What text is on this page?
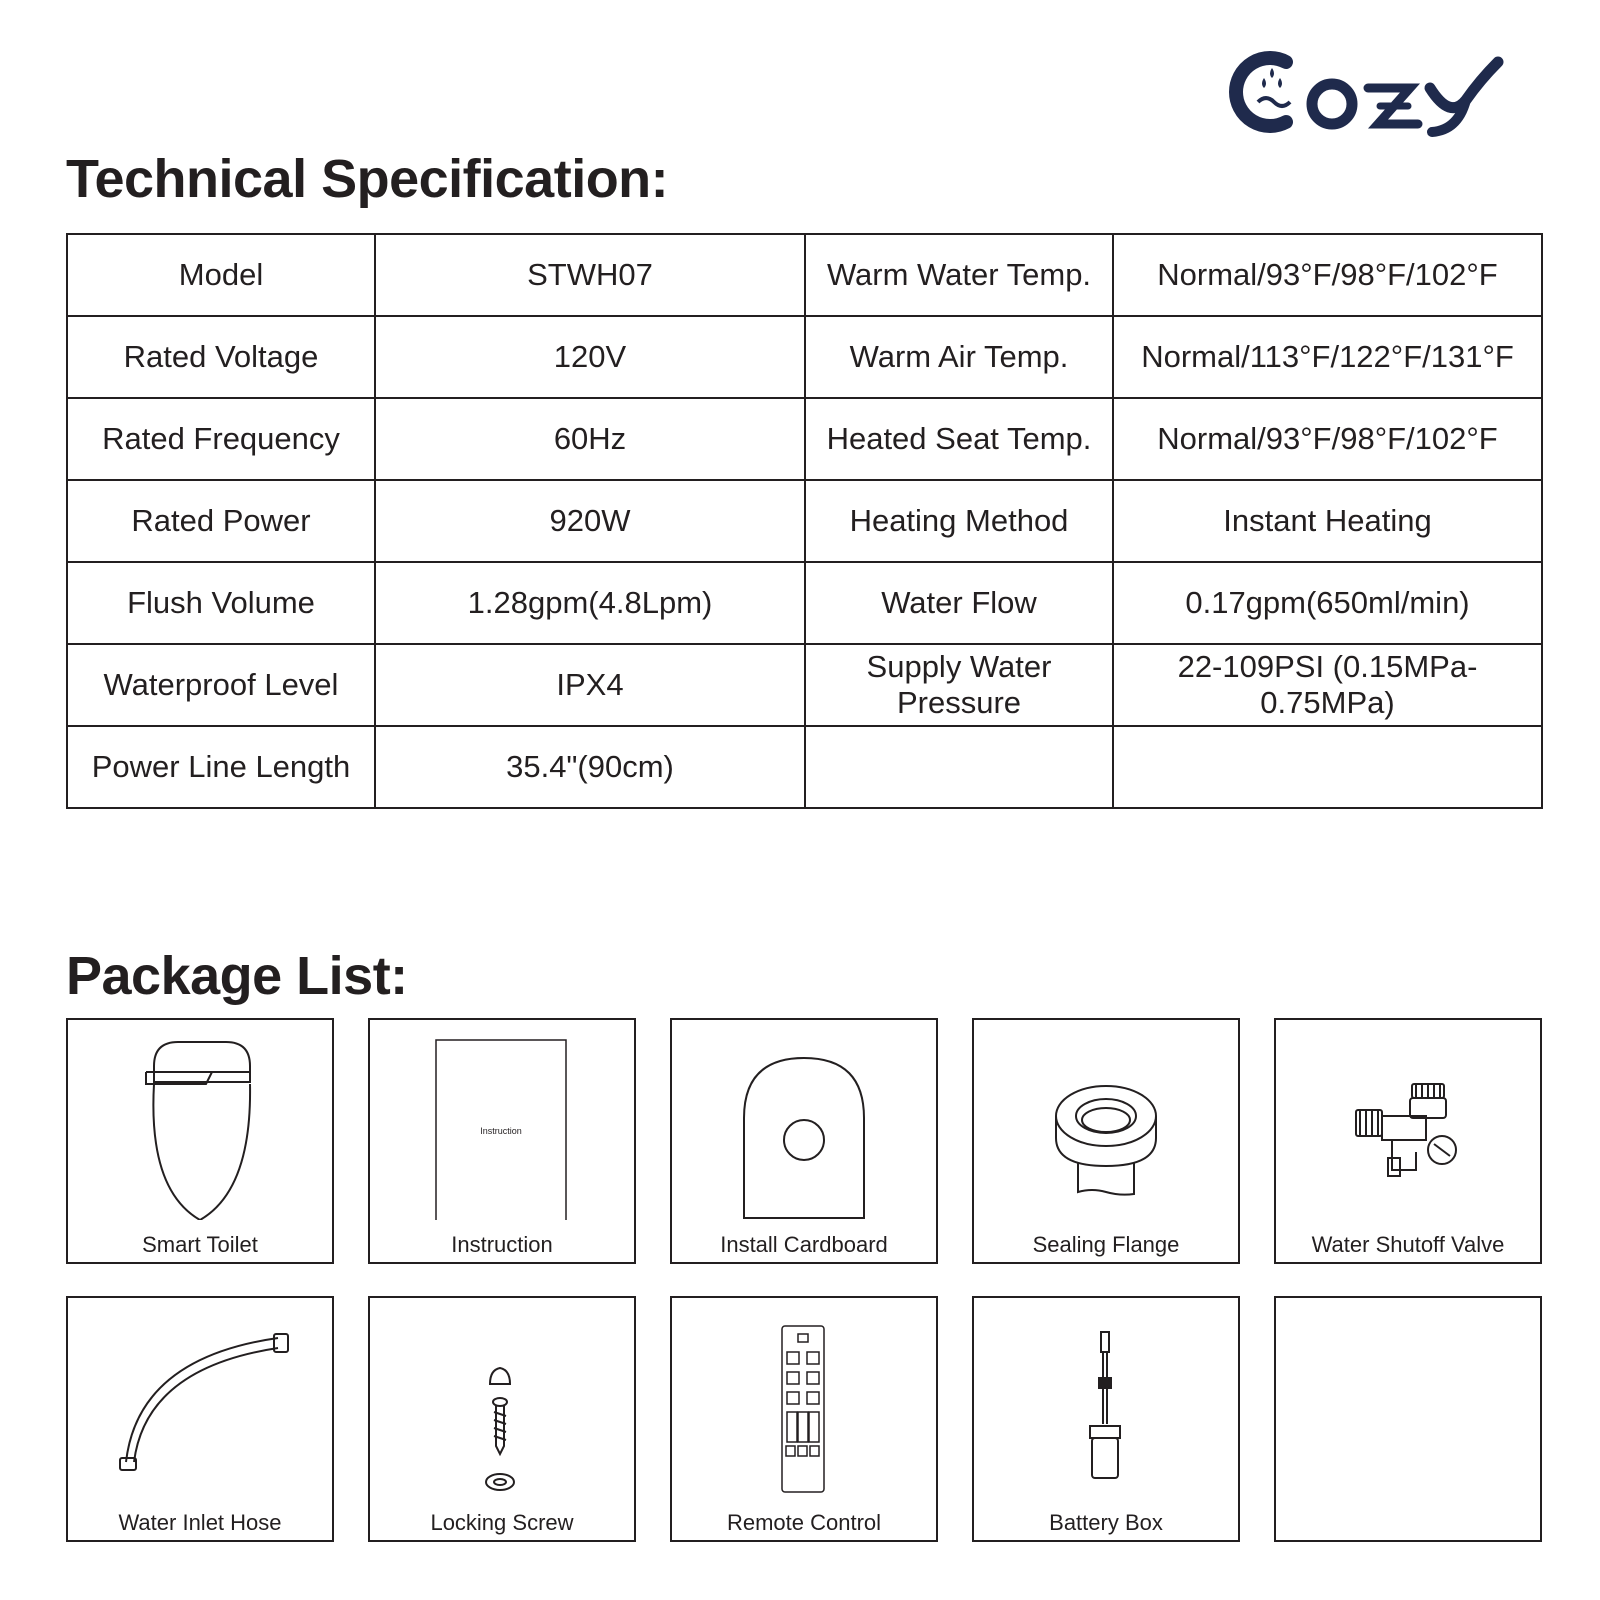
Technical Specification:
Model	STWH07	Warm Water Temp.	Normal/93°F/98°F/102°F
Rated Voltage	120V	Warm Air Temp.	Normal/113°F/122°F/131°F
Rated Frequency	60Hz	Heated Seat Temp.	Normal/93°F/98°F/102°F
Rated Power	920W	Heating Method	Instant Heating
Flush Volume	1.28gpm(4.8Lpm)	Water Flow	0.17gpm(650ml/min)
Waterproof Level	IPX4	Supply Water Pressure	22-109PSI (0.15MPa-0.75MPa)
Power Line Length	35.4"(90cm)		
Package List:
Smart Toilet
Instruction
Instruction	Install Cardboard	Sealing Flange	Water Shutoff Valve
Water Inlet Hose	Locking Screw	Remote Control	Battery Box
